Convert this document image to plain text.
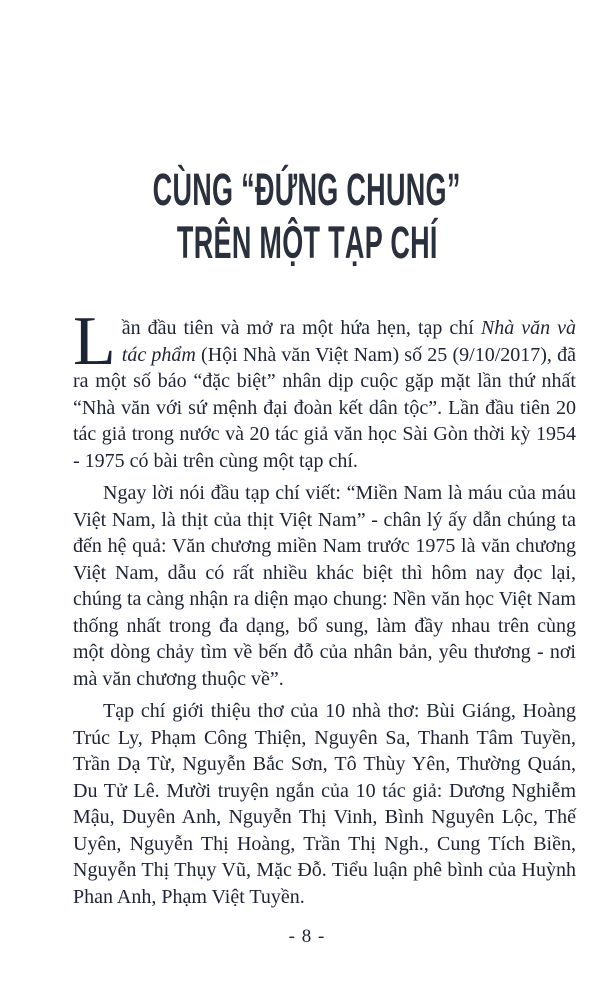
CÙNG “ĐỨNG CHUNG”
TRÊN MỘT TẠP CHÍ

Lần đầu tiên và mở ra một hứa hẹn, tạp chí Nhà văn và tác phẩm (Hội Nhà văn Việt Nam) số 25 (9/10/2017), đã ra một số báo “đặc biệt” nhân dịp cuộc gặp mặt lần thứ nhất “Nhà văn với sứ mệnh đại đoàn kết dân tộc”. Lần đầu tiên 20 tác giả trong nước và 20 tác giả văn học Sài Gòn thời kỳ 1954 - 1975 có bài trên cùng một tạp chí.

Ngay lời nói đầu tạp chí viết: “Miền Nam là máu của máu Việt Nam, là thịt của thịt Việt Nam” - chân lý ấy dẫn chúng ta đến hệ quả: Văn chương miền Nam trước 1975 là văn chương Việt Nam, dẫu có rất nhiều khác biệt thì hôm nay đọc lại, chúng ta càng nhận ra diện mạo chung: Nền văn học Việt Nam thống nhất trong đa dạng, bổ sung, làm đầy nhau trên cùng một dòng chảy tìm về bến đỗ của nhân bản, yêu thương - nơi mà văn chương thuộc về”.

Tạp chí giới thiệu thơ của 10 nhà thơ: Bùi Giáng, Hoàng Trúc Ly, Phạm Công Thiện, Nguyên Sa, Thanh Tâm Tuyền, Trần Dạ Từ, Nguyễn Bắc Sơn, Tô Thùy Yên, Thường Quán, Du Tử Lê. Mười truyện ngắn của 10 tác giả: Dương Nghiễm Mậu, Duyên Anh, Nguyễn Thị Vinh, Bình Nguyên Lộc, Thế Uyên, Nguyễn Thị Hoàng, Trần Thị Ngh., Cung Tích Biền, Nguyễn Thị Thụy Vũ, Mặc Đỗ. Tiểu luận phê bình của Huỳnh Phan Anh, Phạm Việt Tuyền.

- 8 -
